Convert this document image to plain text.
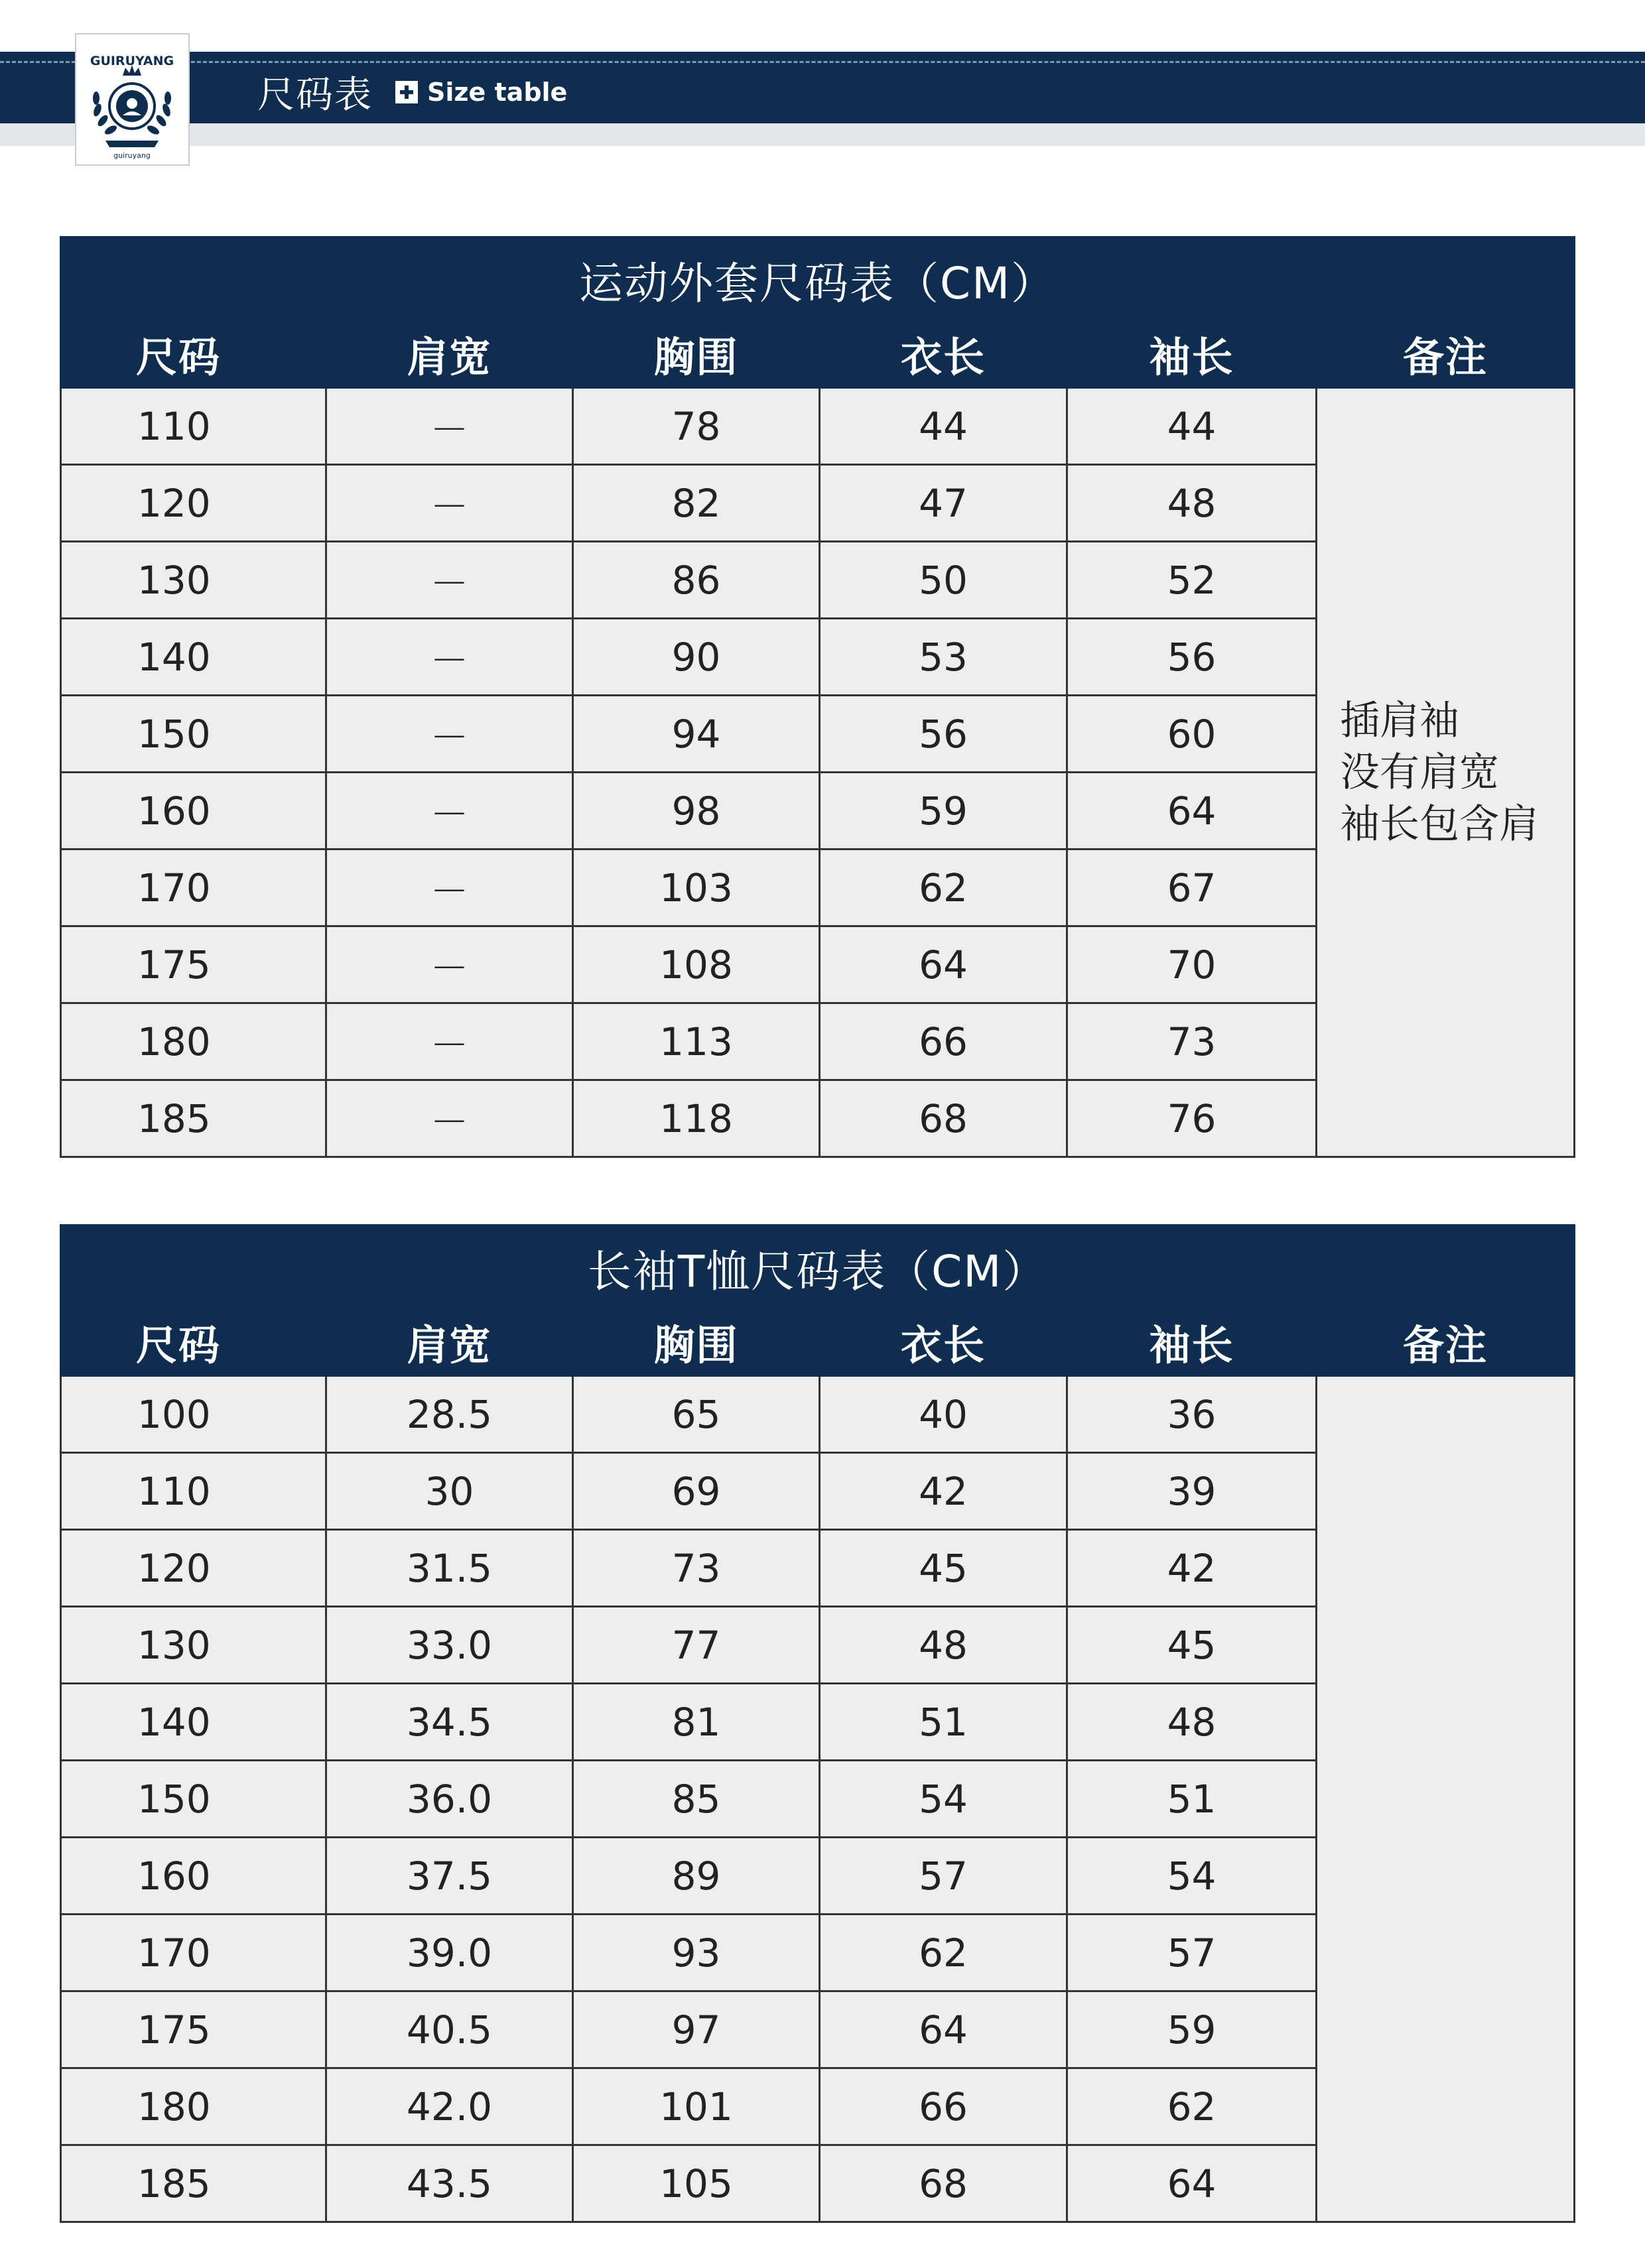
GUIRUYANG
guiruyang
尺码表 Size table
运动外套尺码表（CM）					
尺码	肩宽	胸围	衣长	袖长	备注
110	－	78	44	44	插肩袖
没有肩宽
袖长包含肩
120	－	82	47	48	
130	－	86	50	52	
140	－	90	53	56	
150	－	94	56	60	
160	－	98	59	64	
170	－	103	62	67	
175	－	108	64	70	
180	－	113	66	73	
185	－	118	68	76	
长袖T恤尺码表（CM）					
尺码	肩宽	胸围	衣长	袖长	备注
100	28.5	65	40	36	
110	30	69	42	39	
120	31.5	73	45	42	
130	33.0	77	48	45	
140	34.5	81	51	48	
150	36.0	85	54	51	
160	37.5	89	57	54	
170	39.0	93	62	57	
175	40.5	97	64	59	
180	42.0	101	66	62	
185	43.5	105	68	64	
